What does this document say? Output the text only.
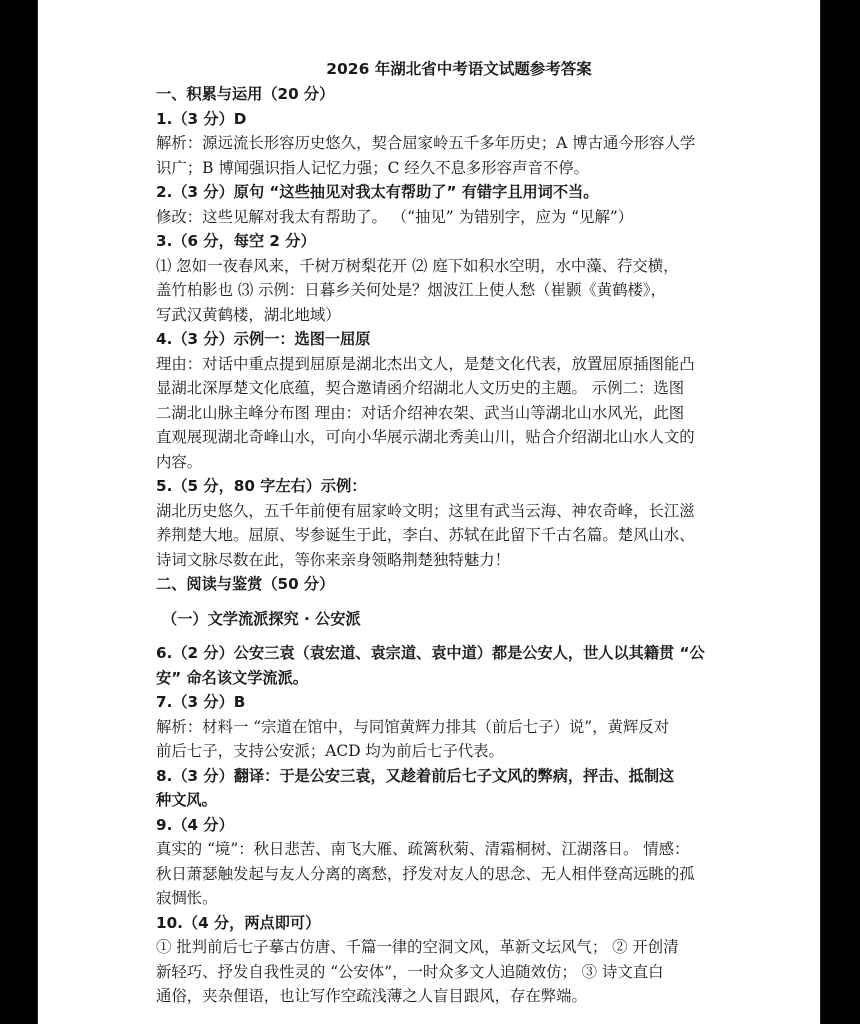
2026 年湖北省中考语文试题参考答案
一、积累与运用（20 分）
1.（3 分）D
解析：源远流长形容历史悠久，契合屈家岭五千多年历史；A 博古通今形容人学
识广；B 博闻强识指人记忆力强；C 经久不息多形容声音不停。
2.（3 分）原句 “这些抽见对我太有帮助了” 有错字且用词不当。
修改：这些见解对我太有帮助了。 （“抽见” 为错别字，应为 “见解”）
3.（6 分，每空 2 分）
⑴ 忽如一夜春风来，千树万树梨花开 ⑵ 庭下如积水空明，水中藻、荇交横，
盖竹柏影也 ⑶ 示例：日暮乡关何处是？烟波江上使人愁（崔颢《黄鹤楼》，
写武汉黄鹤楼，湖北地域）
4.（3 分）示例一：选图一屈原
理由：对话中重点提到屈原是湖北杰出文人，是楚文化代表，放置屈原插图能凸
显湖北深厚楚文化底蕴，契合邀请函介绍湖北人文历史的主题。 示例二：选图
二湖北山脉主峰分布图 理由：对话介绍神农架、武当山等湖北山水风光，此图
直观展现湖北奇峰山水，可向小华展示湖北秀美山川，贴合介绍湖北山水人文的
内容。
5.（5 分，80 字左右）示例：
湖北历史悠久，五千年前便有屈家岭文明；这里有武当云海、神农奇峰，长江滋
养荆楚大地。屈原、岑参诞生于此，李白、苏轼在此留下千古名篇。楚风山水、
诗词文脉尽数在此，等你来亲身领略荆楚独特魅力！
二、阅读与鉴赏（50 分）
（一）文学流派探究 · 公安派
6.（2 分）公安三袁（袁宏道、袁宗道、袁中道）都是公安人，世人以其籍贯 “公
安” 命名该文学流派。
7.（3 分）B
解析：材料一 “宗道在馆中，与同馆黄辉力排其（前后七子）说”，黄辉反对
前后七子，支持公安派；ACD 均为前后七子代表。
8.（3 分）翻译：于是公安三袁，又趁着前后七子文风的弊病，抨击、抵制这
种文风。
9.（4 分）
真实的 “境”：秋日悲苦、南飞大雁、疏篱秋菊、清霜桐树、江湖落日。 情感：
秋日萧瑟触发起与友人分离的离愁，抒发对友人的思念、无人相伴登高远眺的孤
寂惆怅。
10.（4 分，两点即可）
① 批判前后七子摹古仿唐、千篇一律的空洞文风，革新文坛风气； ② 开创清
新轻巧、抒发自我性灵的 “公安体”，一时众多文人追随效仿； ③ 诗文直白
通俗，夹杂俚语，也让写作空疏浅薄之人盲目跟风，存在弊端。
